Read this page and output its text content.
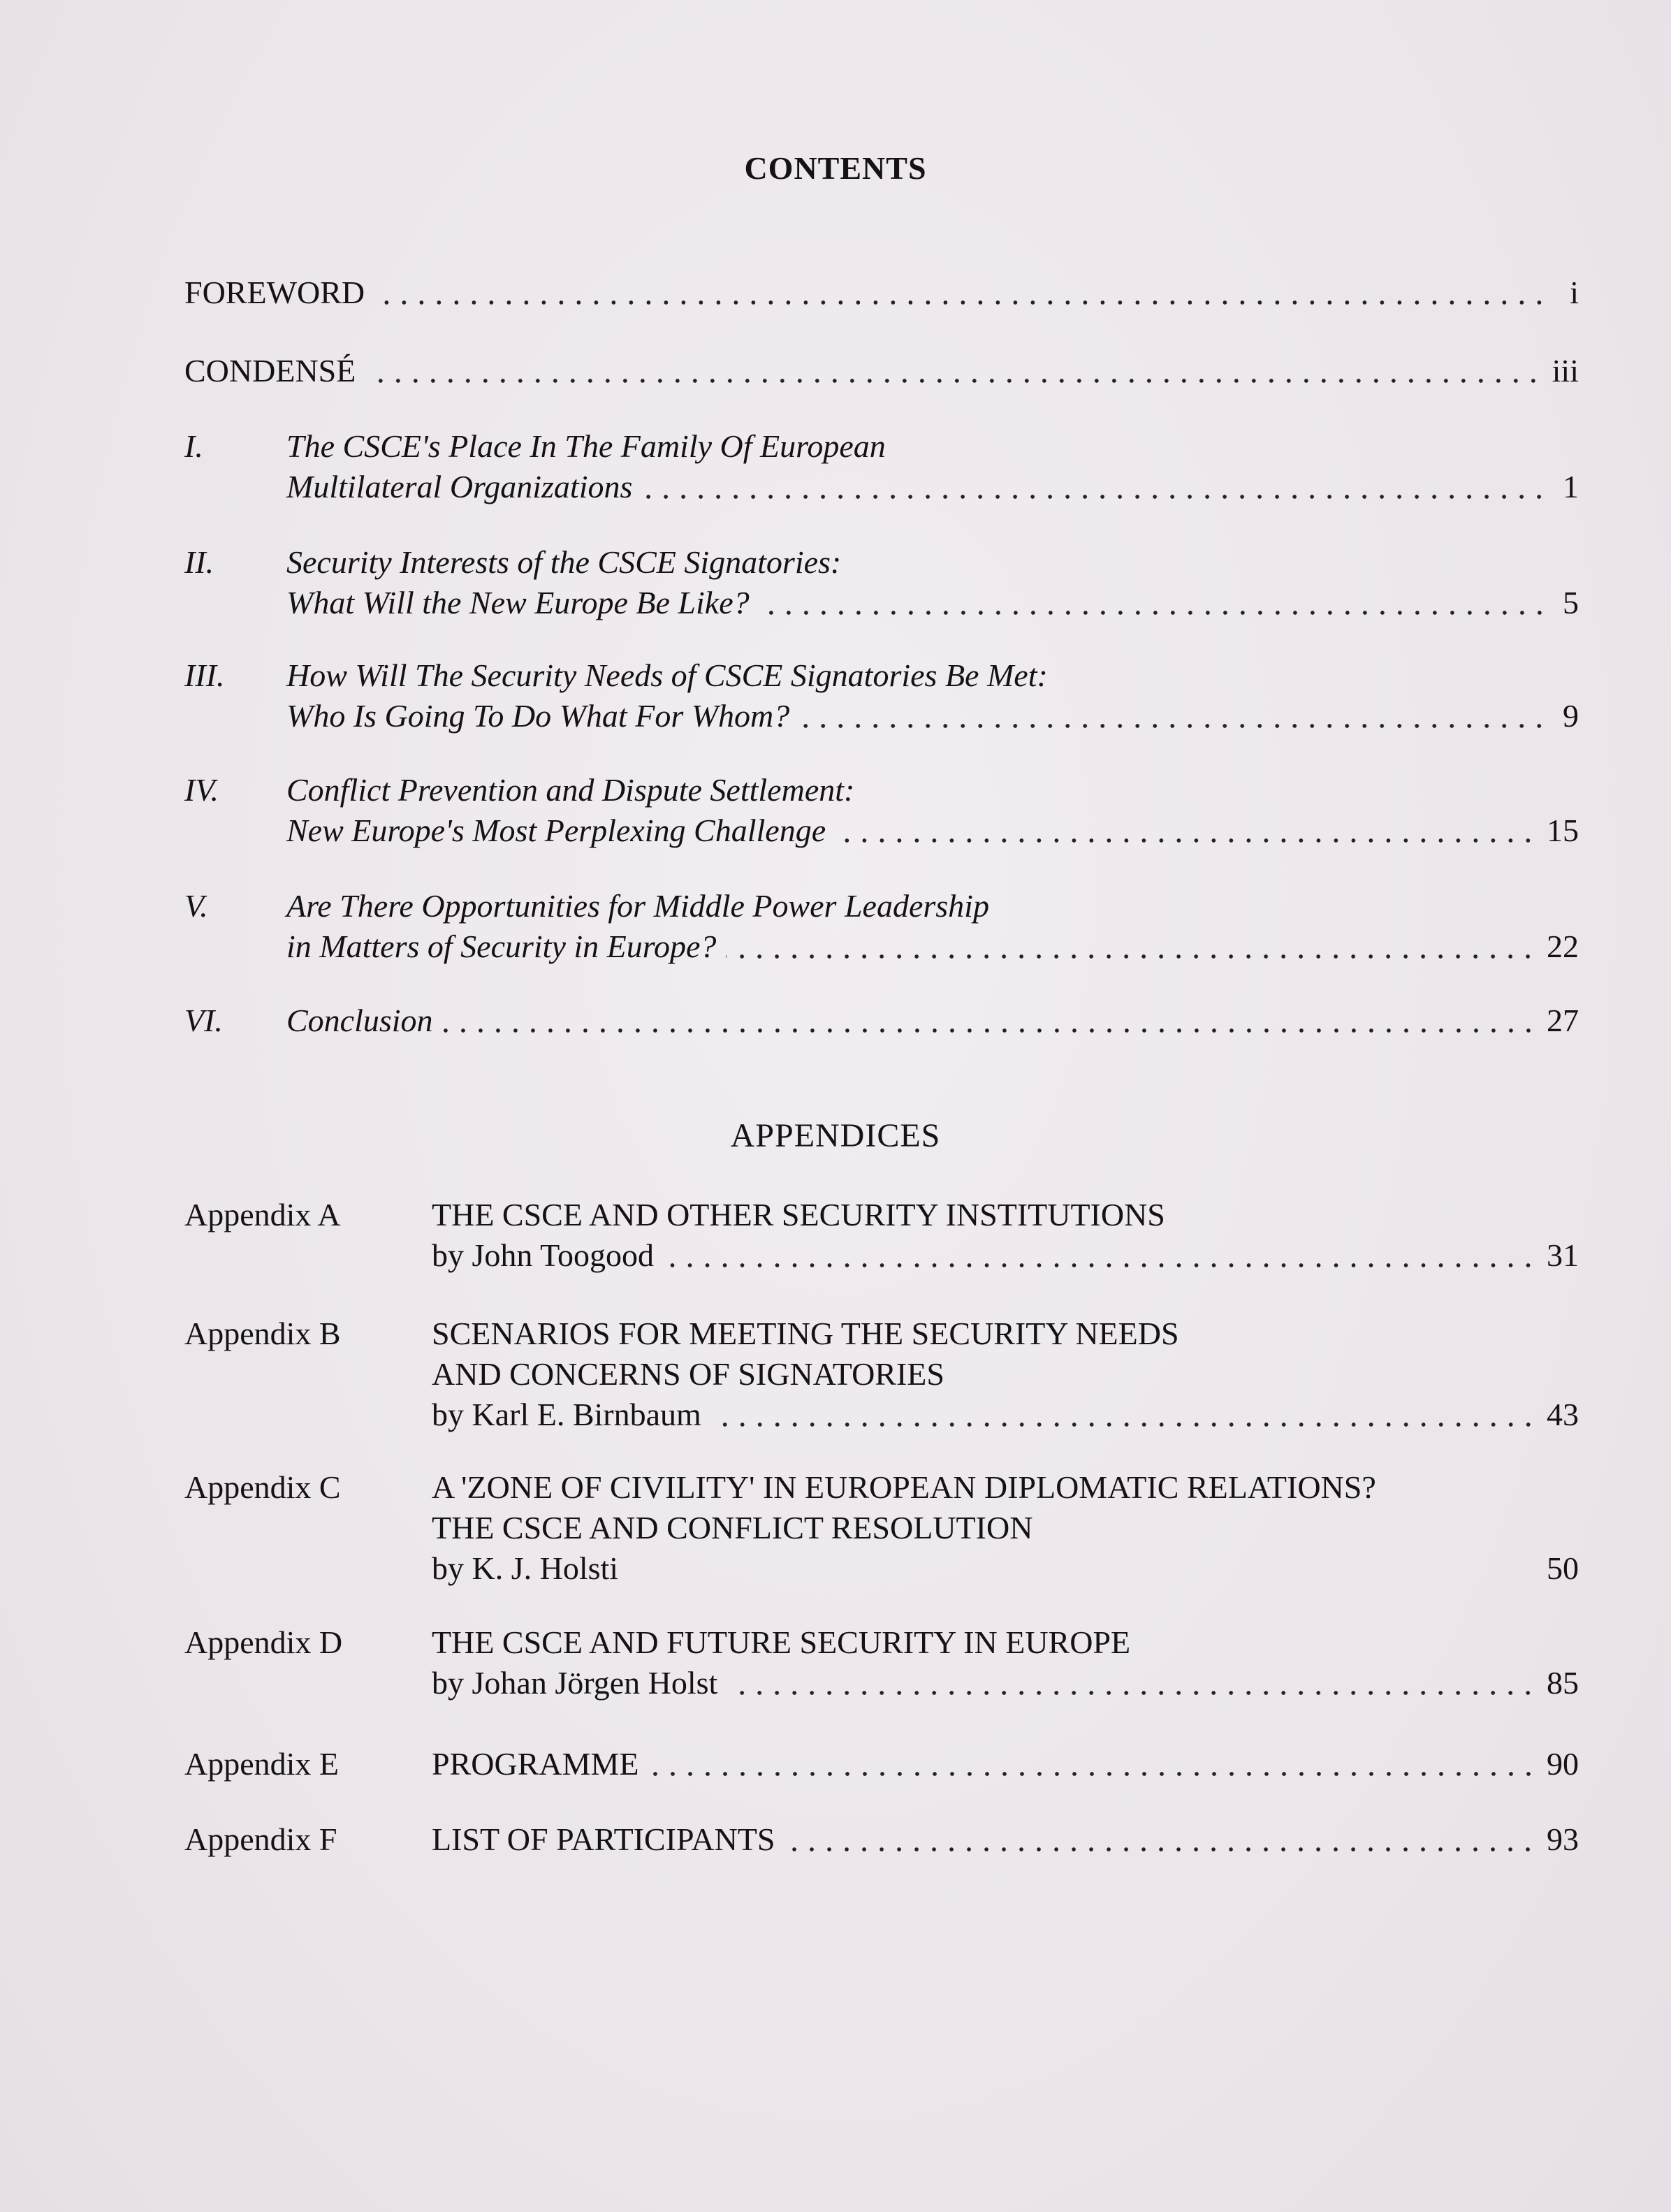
CONTENTS
FOREWORD	i
CONDENSÉ	iii
I.	The CSCE's Place In The Family Of European
Multilateral Organizations	1
II.	Security Interests of the CSCE Signatories:
What Will the New Europe Be Like?	5
III.	How Will The Security Needs of CSCE Signatories Be Met:
Who Is Going To Do What For Whom?	9
IV.	Conflict Prevention and Dispute Settlement:
New Europe's Most Perplexing Challenge	15
V.	Are There Opportunities for Middle Power Leadership
in Matters of Security in Europe?	22
VI.	Conclusion	27
APPENDICES
Appendix A	THE CSCE AND OTHER SECURITY INSTITUTIONS
by John Toogood	31
Appendix B	SCENARIOS FOR MEETING THE SECURITY NEEDS
AND CONCERNS OF SIGNATORIES
by Karl E. Birnbaum	43
Appendix C	A 'ZONE OF CIVILITY' IN EUROPEAN DIPLOMATIC RELATIONS?
THE CSCE AND CONFLICT RESOLUTION
by K. J. Holsti	50
Appendix D	THE CSCE AND FUTURE SECURITY IN EUROPE
by Johan Jörgen Holst	85
Appendix E	PROGRAMME	90
Appendix F	LIST OF PARTICIPANTS	93
